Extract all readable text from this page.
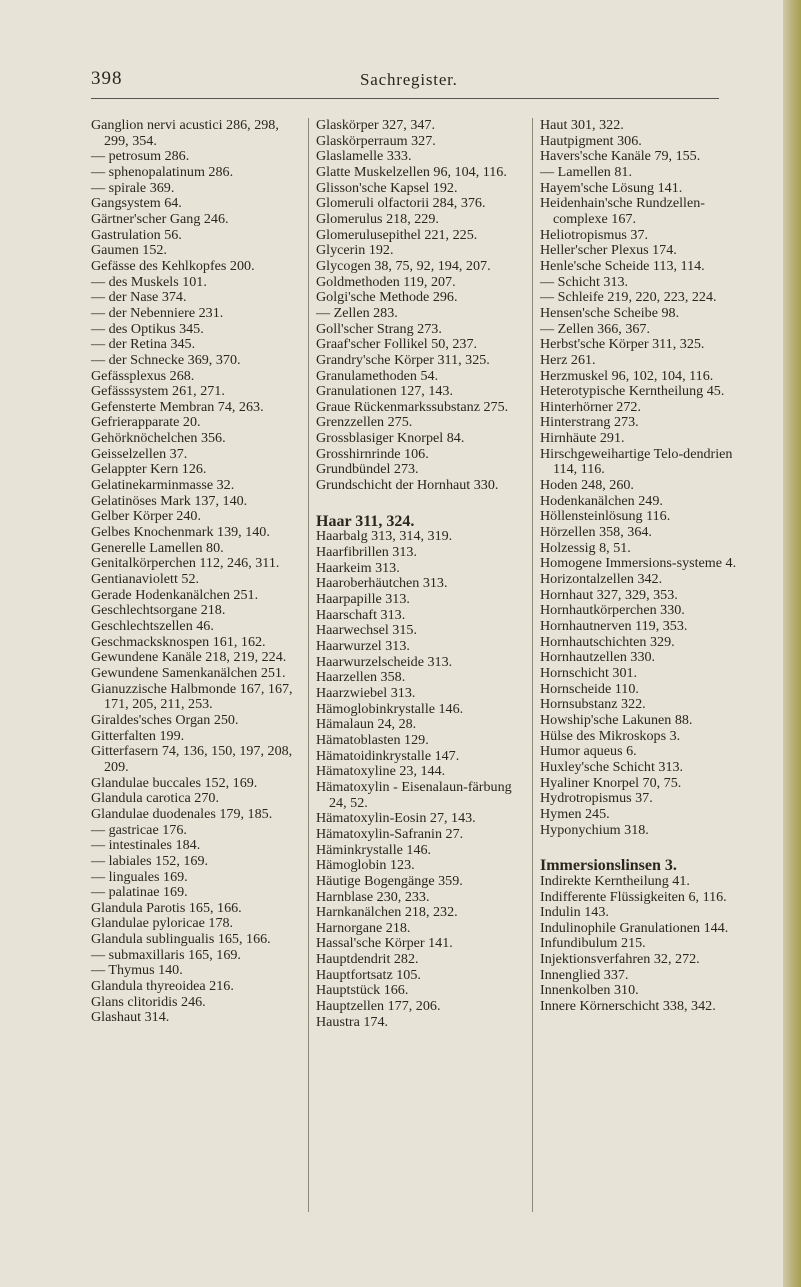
398	Sachregister.
Ganglion nervi acustici 286, 298, 299, 354.
— petrosum 286.
— sphenopalatinum 286.
— spirale 369.
Gangsystem 64.
Gärtner'scher Gang 246.
Gastrulation 56.
Gaumen 152.
Gefässe des Kehlkopfes 200.
— des Muskels 101.
— der Nase 374.
— der Nebenniere 231.
— des Optikus 345.
— der Retina 345.
— der Schnecke 369, 370.
Gefässplexus 268.
Gefässsystem 261, 271.
Gefensterte Membran 74, 263.
Gefrierapparate 20.
Gehörknöchelchen 356.
Geisselzellen 37.
Gelappter Kern 126.
Gelatinekarminmasse 32.
Gelatinöses Mark 137, 140.
Gelber Körper 240.
Gelbes Knochenmark 139, 140.
Generelle Lamellen 80.
Genitalkörperchen 112, 246, 311.
Gentianaviolett 52.
Gerade Hodenkanälchen 251.
Geschlechtsorgane 218.
Geschlechtszellen 46.
Geschmacksknospen 161, 162.
Gewundene Kanäle 218, 219, 224.
Gewundene Samenkanälchen 251.
Gianuzzische Halbmonde 167, 167, 171, 205, 211, 253.
Giraldes'sches Organ 250.
Gitterfalten 199.
Gitterfasern 74, 136, 150, 197, 208, 209.
Glandulae buccales 152, 169.
Glandula carotica 270.
Glandulae duodenales 179, 185.
— gastricae 176.
— intestinales 184.
— labiales 152, 169.
— linguales 169.
— palatinae 169.
Glandula Parotis 165, 166.
Glandulae pyloricae 178.
Glandula sublingualis 165, 166.
— submaxillaris 165, 169.
— Thymus 140.
Glandula thyreoidea 216.
Glans clitoridis 246.
Glashaut 314.
Glaskörper 327, 347.
Glaskörperraum 327.
Glaslamelle 333.
Glatte Muskelzellen 96, 104, 116.
Glisson'sche Kapsel 192.
Glomeruli olfactorii 284, 376.
Glomerulus 218, 229.
Glomerulusepithel 221, 225.
Glycerin 192.
Glycogen 38, 75, 92, 194, 207.
Goldmethoden 119, 207.
Golgi'sche Methode 296.
— Zellen 283.
Goll'scher Strang 273.
Graaf'scher Follikel 50, 237.
Grandry'sche Körper 311, 325.
Granulamethoden 54.
Granulationen 127, 143.
Graue Rückenmarkssubstanz 275.
Grenzzellen 275.
Grossblasiger Knorpel 84.
Grosshirnrinde 106.
Grundbündel 273.
Grundschicht der Hornhaut 330.
Haar 311, 324.
Haarbalg 313, 314, 319.
Haarfibrillen 313.
Haarkeim 313.
Haaroberhäutchen 313.
Haarpapille 313.
Haarschaft 313.
Haarwechsel 315.
Haarwurzel 313.
Haarwurzelscheide 313.
Haarzellen 358.
Haarzwiebel 313.
Hämoglobinkrystalle 146.
Hämalaun 24, 28.
Hämatoblasten 129.
Hämatoidinkrystalle 147.
Hämatoxyline 23, 144.
Hämatoxylin - Eisenalaun-färbung 24, 52.
Hämatoxylin-Eosin 27, 143.
Hämatoxylin-Safranin 27.
Häminkrystalle 146.
Hämoglobin 123.
Häutige Bogengänge 359.
Harnblase 230, 233.
Harnkanälchen 218, 232.
Harnorgane 218.
Hassal'sche Körper 141.
Hauptdendrit 282.
Hauptfortsatz 105.
Hauptstück 166.
Hauptzellen 177, 206.
Haustra 174.
Haut 301, 322.
Hautpigment 306.
Havers'sche Kanäle 79, 155.
— Lamellen 81.
Hayem'sche Lösung 141.
Heidenhain'sche Rundzellen-complexe 167.
Heliotropismus 37.
Heller'scher Plexus 174.
Henle'sche Scheide 113, 114.
— Schicht 313.
— Schleife 219, 220, 223, 224.
Hensen'sche Scheibe 98.
— Zellen 366, 367.
Herbst'sche Körper 311, 325.
Herz 261.
Herzmuskel 96, 102, 104, 116.
Heterotypische Kerntheilung 45.
Hinterhörner 272.
Hinterstrang 273.
Hirnhäute 291.
Hirschgeweihartige Telo-dendrien 114, 116.
Hoden 248, 260.
Hodenkanälchen 249.
Höllensteinlösung 116.
Hörzellen 358, 364.
Holzessig 8, 51.
Homogene Immersions-systeme 4.
Horizontalzellen 342.
Hornhaut 327, 329, 353.
Hornhautkörperchen 330.
Hornhautnerven 119, 353.
Hornhautschichten 329.
Hornhautzellen 330.
Hornschicht 301.
Hornscheide 110.
Hornsubstanz 322.
Howship'sche Lakunen 88.
Hülse des Mikroskops 3.
Humor aqueus 6.
Huxley'sche Schicht 313.
Hyaliner Knorpel 70, 75.
Hydrotropismus 37.
Hymen 245.
Hyponychium 318.
Immersionslinsen 3.
Indirekte Kerntheilung 41.
Indifferente Flüssigkeiten 6, 116.
Indulin 143.
Indulinophile Granulationen 144.
Infundibulum 215.
Injektionsverfahren 32, 272.
Innenglied 337.
Innenkolben 310.
Innere Körnerschicht 338, 342.
